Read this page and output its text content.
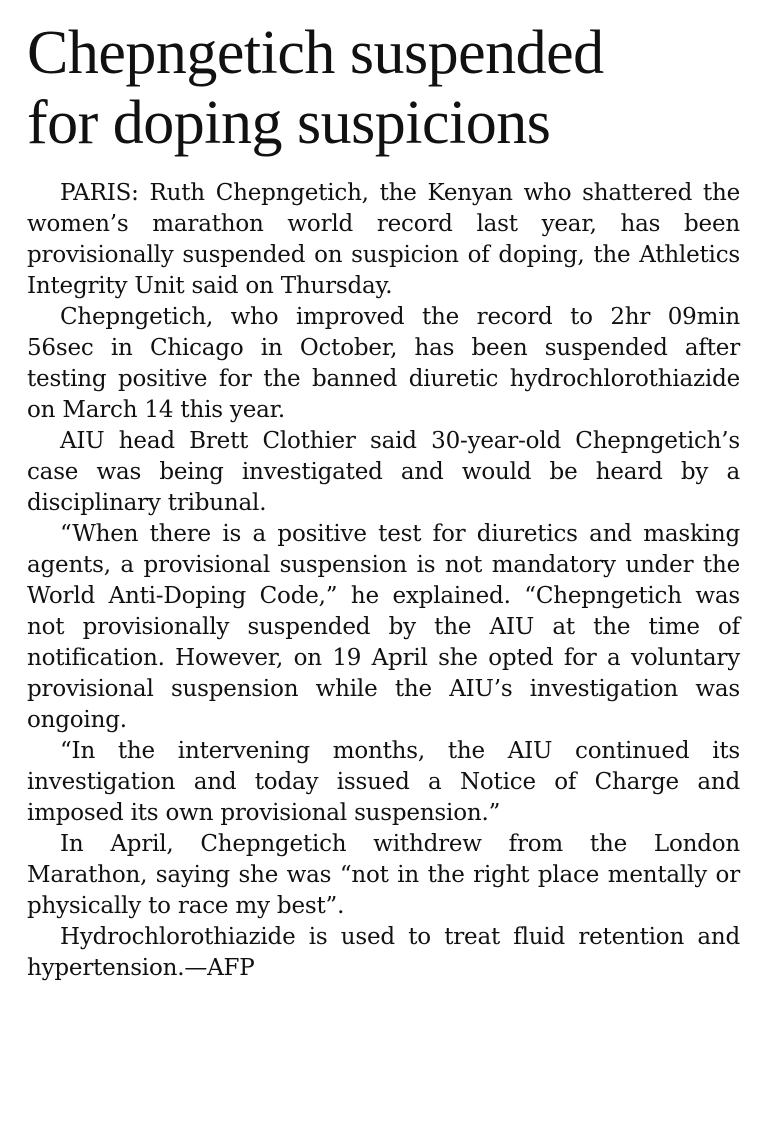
Chepngetich suspended
for doping suspicions

PARIS: Ruth Chepngetich, the Kenyan who shattered the women’s marathon world record last year, has been provisionally suspended on suspicion of doping, the Athletics Integrity Unit said on Thursday.

Chepngetich, who improved the record to 2hr 09min 56sec in Chicago in October, has been suspended after testing positive for the banned diuretic hydrochlorothiazide on March 14 this year.

AIU head Brett Clothier said 30-year-old Chepngetich’s case was being investigated and would be heard by a disciplinary tribunal.

“When there is a positive test for diuretics and masking agents, a provisional suspension is not mandatory under the World Anti-Doping Code,” he explained. “Chepngetich was not provisionally suspended by the AIU at the time of notification. However, on 19 April she opted for a voluntary provisional suspension while the AIU’s investigation was ongoing.

“In the intervening months, the AIU continued its investigation and today issued a Notice of Charge and imposed its own provisional suspension.”

In April, Chepngetich withdrew from the London Marathon, saying she was “not in the right place mentally or physically to race my best”.

Hydrochlorothiazide is used to treat fluid retention and hypertension.—AFP
